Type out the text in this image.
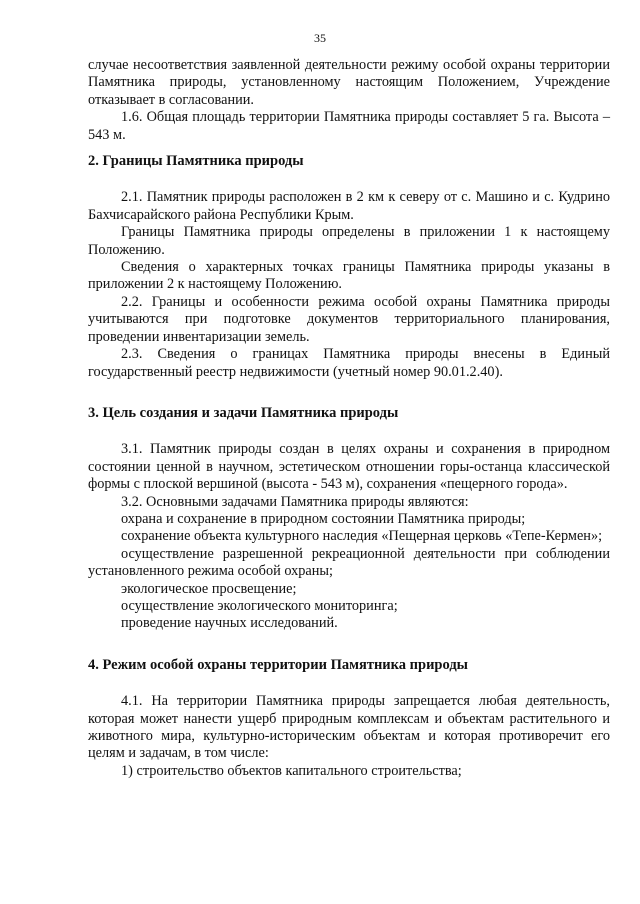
35

случае несоответствия заявленной деятельности режиму особой охраны территории Памятника природы, установленному настоящим Положением, Учреждение отказывает в согласовании.

1.6. Общая площадь территории Памятника природы составляет 5 га. Высота – 543 м.

2. Границы Памятника природы

2.1. Памятник природы расположен в 2 км к северу от с. Машино и с. Кудрино Бахчисарайского района Республики Крым.

Границы Памятника природы определены в приложении 1 к настоящему Положению.

Сведения о характерных точках границы Памятника природы указаны в приложении 2 к настоящему Положению.

2.2. Границы и особенности режима особой охраны Памятника природы учитываются при подготовке документов территориального планирования, проведении инвентаризации земель.

2.3. Сведения о границах Памятника природы внесены в Единый государственный реестр недвижимости (учетный номер 90.01.2.40).

3. Цель создания и задачи Памятника природы

3.1. Памятник природы создан в целях охраны и сохранения в природном состоянии ценной в научном, эстетическом отношении горы-останца классической формы с плоской вершиной (высота - 543 м), сохранения «пещерного города».

3.2. Основными задачами Памятника природы являются:

охрана и сохранение в природном состоянии Памятника природы;

сохранение объекта культурного наследия «Пещерная церковь «Тепе-Кермен»;

осуществление разрешенной рекреационной деятельности при соблюдении установленного режима особой охраны;

экологическое просвещение;

осуществление экологического мониторинга;

проведение научных исследований.

4. Режим особой охраны территории Памятника природы

4.1. На территории Памятника природы запрещается любая деятельность, которая может нанести ущерб природным комплексам и объектам растительного и животного мира, культурно-историческим объектам и которая противоречит его целям и задачам, в том числе:

1) строительство объектов капитального строительства;
